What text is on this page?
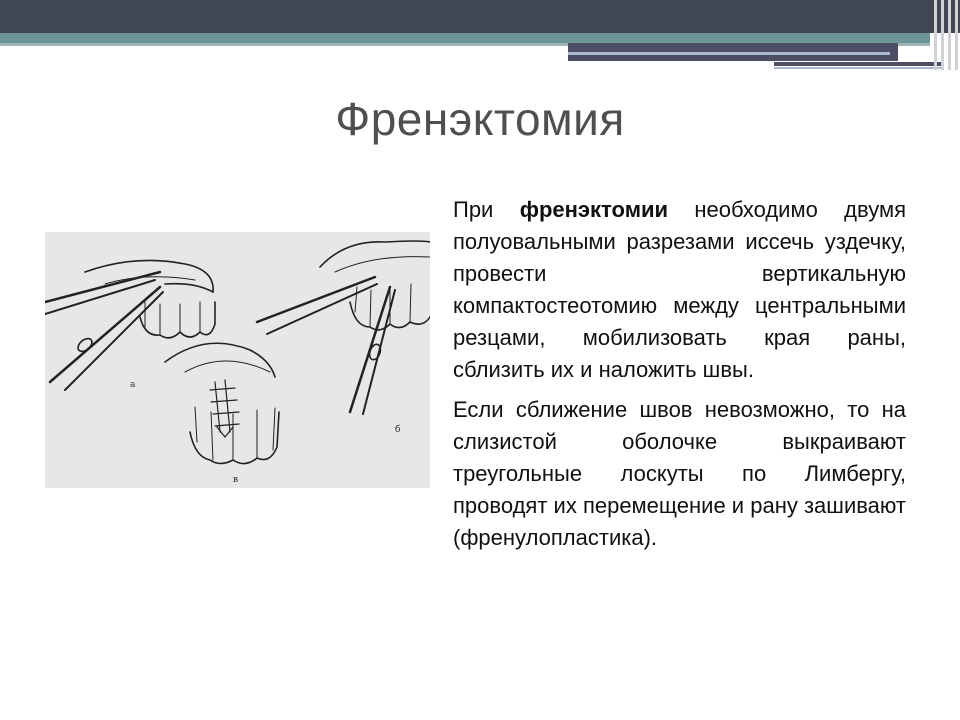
Френэктомия
а
б
в

При френэктомии необходимо двумя полуовальными разрезами иссечь уздечку, провести вертикальную компактостеотомию между центральными резцами, мобилизовать края раны, сблизить их и наложить швы.

Если сближение швов невозможно, то на слизистой оболочке выкраивают треугольные лоскуты по Лимбергу, проводят их перемещение и рану зашивают (френулопластика).
